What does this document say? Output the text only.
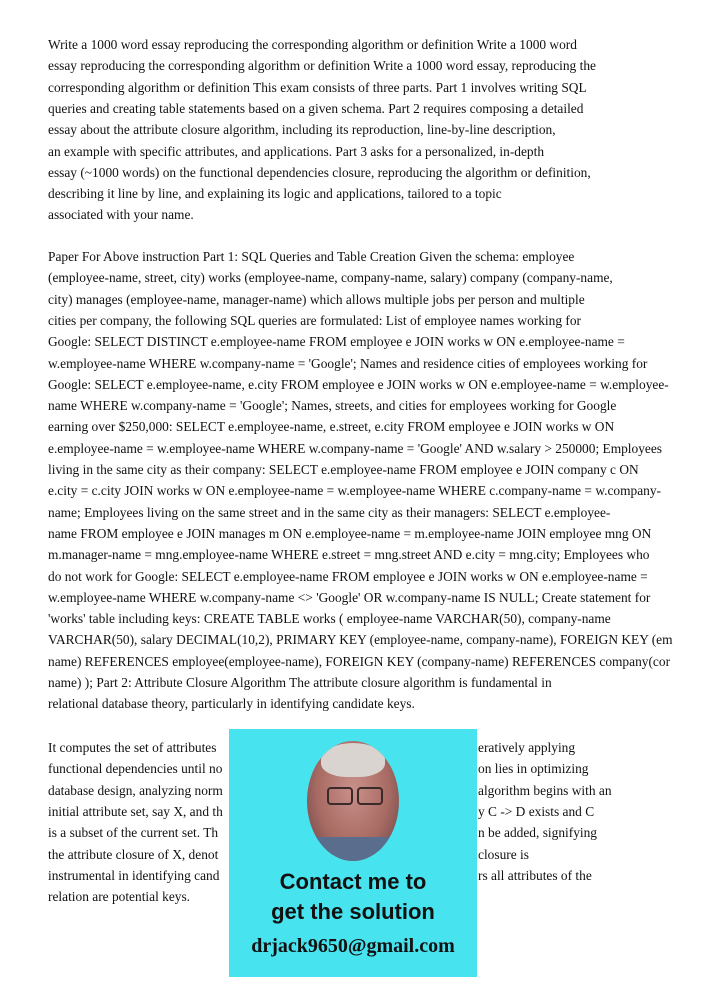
Write a 1000 word essay reproducing the corresponding algorithm or definition Write a 1000 word
essay reproducing the corresponding algorithm or definition Write a 1000 word essay, reproducing the
corresponding algorithm or definition This exam consists of three parts. Part 1 involves writing SQL
queries and creating table statements based on a given schema. Part 2 requires composing a detailed
essay about the attribute closure algorithm, including its reproduction, line-by-line description,
an example with specific attributes, and applications. Part 3 asks for a personalized, in-depth
essay (~1000 words) on the functional dependencies closure, reproducing the algorithm or definition,
describing it line by line, and explaining its logic and applications, tailored to a topic
associated with your name.
Paper For Above instruction Part 1: SQL Queries and Table Creation Given the schema: employee
(employee-name, street, city) works (employee-name, company-name, salary) company (company-name,
city) manages (employee-name, manager-name) which allows multiple jobs per person and multiple
cities per company, the following SQL queries are formulated: List of employee names working for
Google: SELECT DISTINCT e.employee-name FROM employee e JOIN works w ON e.employee-name =
w.employee-name WHERE w.company-name = 'Google'; Names and residence cities of employees working for
Google: SELECT e.employee-name, e.city FROM employee e JOIN works w ON e.employee-name = w.employee-
name WHERE w.company-name = 'Google'; Names, streets, and cities for employees working for Google
earning over $250,000: SELECT e.employee-name, e.street, e.city FROM employee e JOIN works w ON
e.employee-name = w.employee-name WHERE w.company-name = 'Google' AND w.salary > 250000; Employees
living in the same city as their company: SELECT e.employee-name FROM employee e JOIN company c ON
e.city = c.city JOIN works w ON e.employee-name = w.employee-name WHERE c.company-name = w.company-
name; Employees living on the same street and in the same city as their managers: SELECT e.employee-
name FROM employee e JOIN manages m ON e.employee-name = m.employee-name JOIN employee mng ON
m.manager-name = mng.employee-name WHERE e.street = mng.street AND e.city = mng.city; Employees who
do not work for Google: SELECT e.employee-name FROM employee e JOIN works w ON e.employee-name =
w.employee-name WHERE w.company-name <> 'Google' OR w.company-name IS NULL; Create statement for
'works' table including keys: CREATE TABLE works ( employee-name VARCHAR(50), company-name
VARCHAR(50), salary DECIMAL(10,2), PRIMARY KEY (employee-name, company-name), FOREIGN KEY (em
name) REFERENCES employee(employee-name), FOREIGN KEY (company-name) REFERENCES company(cor
name) ); Part 2: Attribute Closure Algorithm The attribute closure algorithm is fundamental in
relational database theory, particularly in identifying candidate keys.
It computes the set of attributes
functional dependencies until no
database design, analyzing norm
initial attribute set, say X, and th
is a subset of the current set. Th
the attribute closure of X, denot
instrumental in identifying cand
relation are potential keys.
eratively applying
on lies in optimizing
algorithm begins with an
y C -> D exists and C
n be added, signifying
closure is
rs all attributes of the
Contact me to
get the solution
drjack9650@gmail.com
